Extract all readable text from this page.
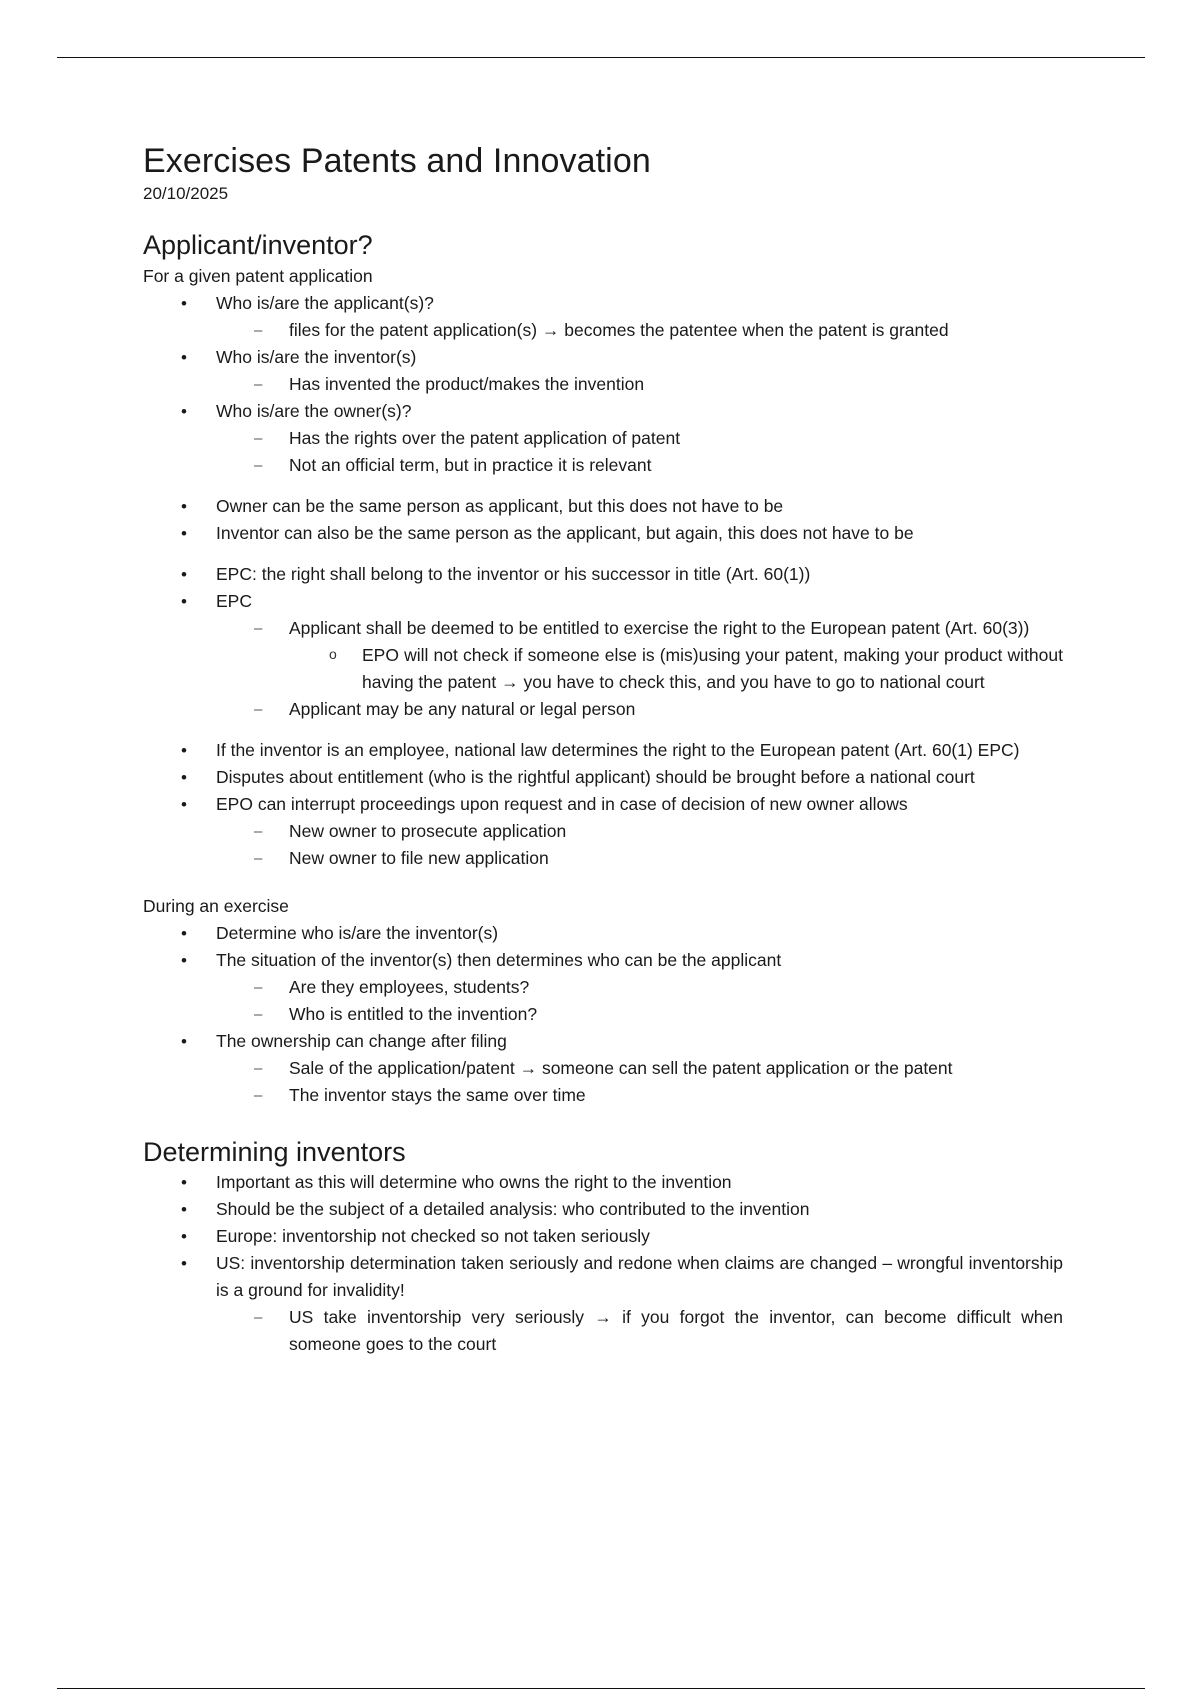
Exercises Patents and Innovation
20/10/2025
Applicant/inventor?

For a given patent application

• Who is/are the applicant(s)?
– files for the patent application(s) → becomes the patentee when the patent is granted
• Who is/are the inventor(s)
– Has invented the product/makes the invention
• Who is/are the owner(s)?
– Has the rights over the patent application of patent
– Not an official term, but in practice it is relevant
• Owner can be the same person as applicant, but this does not have to be
• Inventor can also be the same person as the applicant, but again, this does not have to be
• EPC: the right shall belong to the inventor or his successor in title (Art. 60(1))
• EPC
– Applicant shall be deemed to be entitled to exercise the right to the European patent (Art. 60(3))
o EPO will not check if someone else is (mis)using your patent, making your product without having the patent → you have to check this, and you have to go to national court
– Applicant may be any natural or legal person
• If the inventor is an employee, national law determines the right to the European patent (Art. 60(1) EPC)
• Disputes about entitlement (who is the rightful applicant) should be brought before a national court
• EPO can interrupt proceedings upon request and in case of decision of new owner allows
– New owner to prosecute application
– New owner to file new application

During an exercise

• Determine who is/are the inventor(s)
• The situation of the inventor(s) then determines who can be the applicant
– Are they employees, students?
– Who is entitled to the invention?
• The ownership can change after filing
– Sale of the application/patent → someone can sell the patent application or the patent
– The inventor stays the same over time
Determining inventors
• Important as this will determine who owns the right to the invention
• Should be the subject of a detailed analysis: who contributed to the invention
• Europe: inventorship not checked so not taken seriously
• US: inventorship determination taken seriously and redone when claims are changed – wrongful inventorship is a ground for invalidity!
– US take inventorship very seriously → if you forgot the inventor, can become difficult when someone goes to the court
